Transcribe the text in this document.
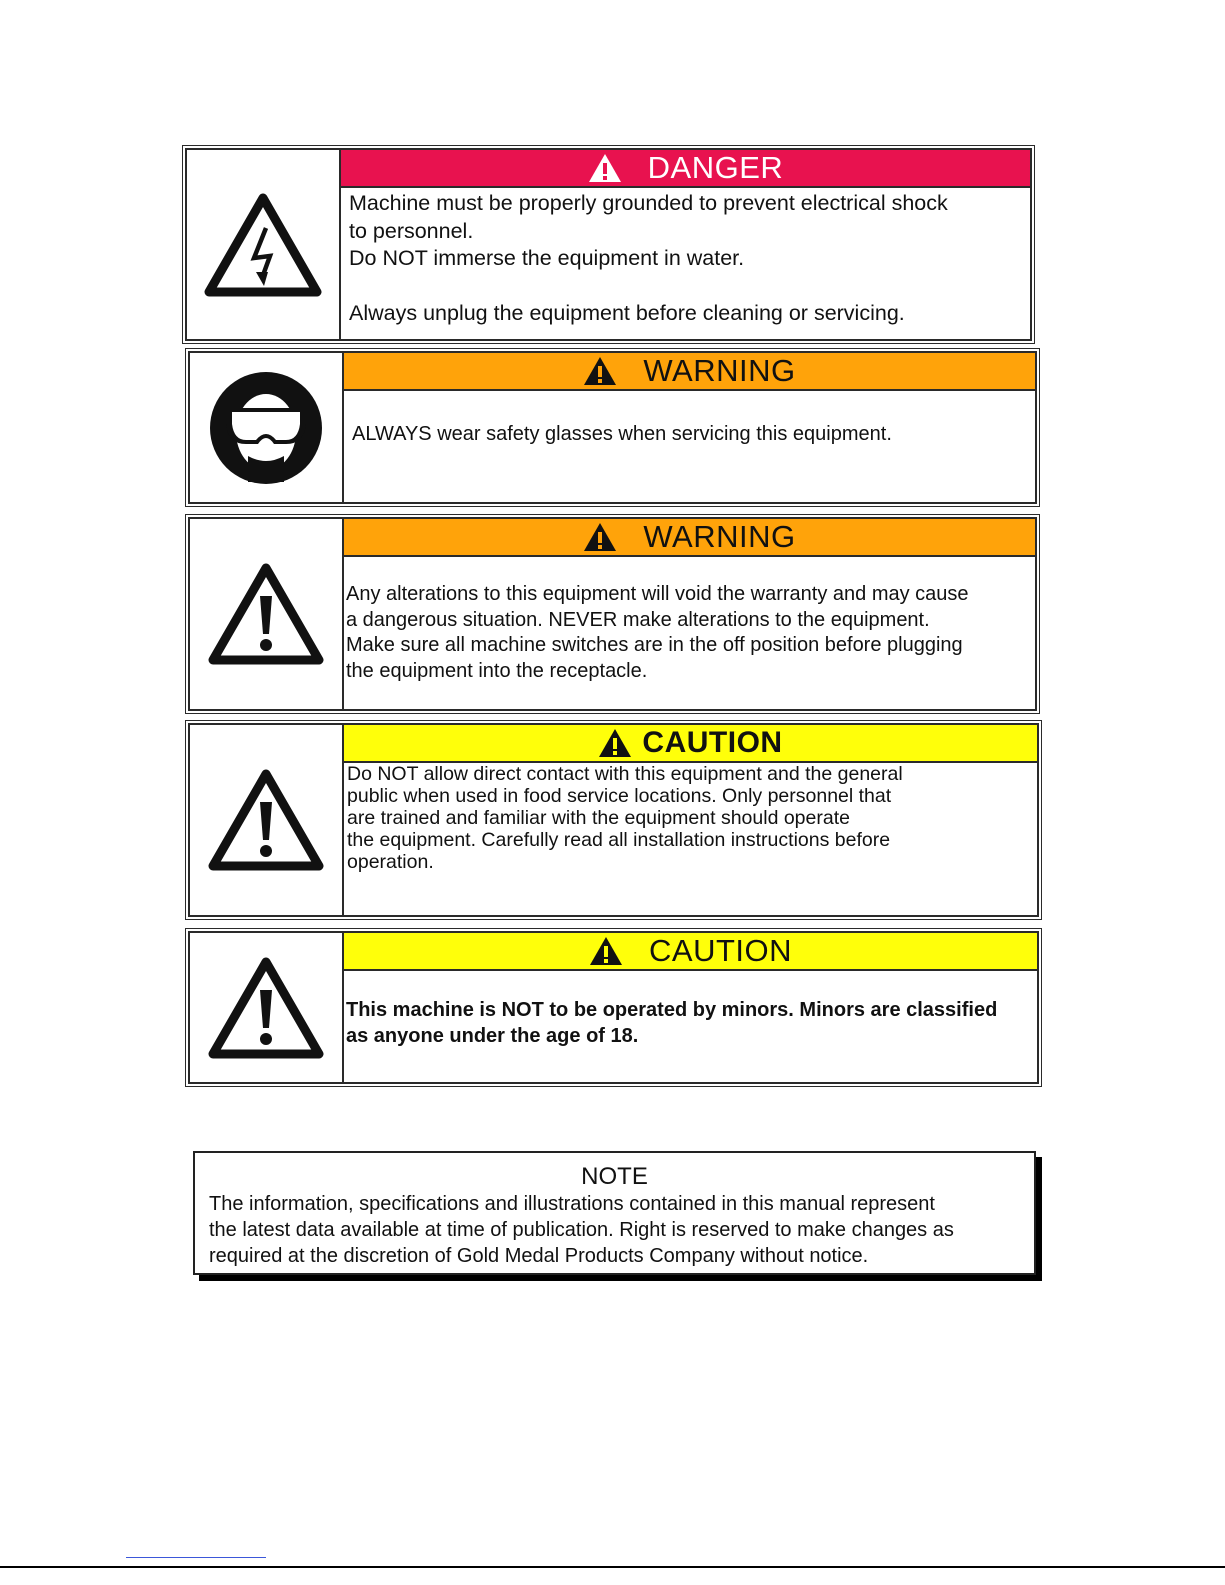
DANGER
Machine must be properly grounded to prevent electrical shock
to personnel.
Do NOT immerse the equipment in water.
Always unplug the equipment before cleaning or servicing.
WARNING
ALWAYS wear safety glasses when servicing this equipment.
WARNING
Any alterations to this equipment will void the warranty and may cause
a dangerous situation. NEVER make alterations to the equipment.
Make sure all machine switches are in the off position before plugging
the equipment into the receptacle.
CAUTION
Do NOT allow direct contact with this equipment and the general
public when used in food service locations. Only personnel that
are trained and familiar with the equipment should operate
the equipment. Carefully read all installation instructions before
operation.
CAUTION
This machine is NOT to be operated by minors. Minors are classified
as anyone under the age of 18.
NOTE
The information, specifications and illustrations contained in this manual represent
the latest data available at time of publication. Right is reserved to make changes as
required at the discretion of Gold Medal Products Company without notice.
